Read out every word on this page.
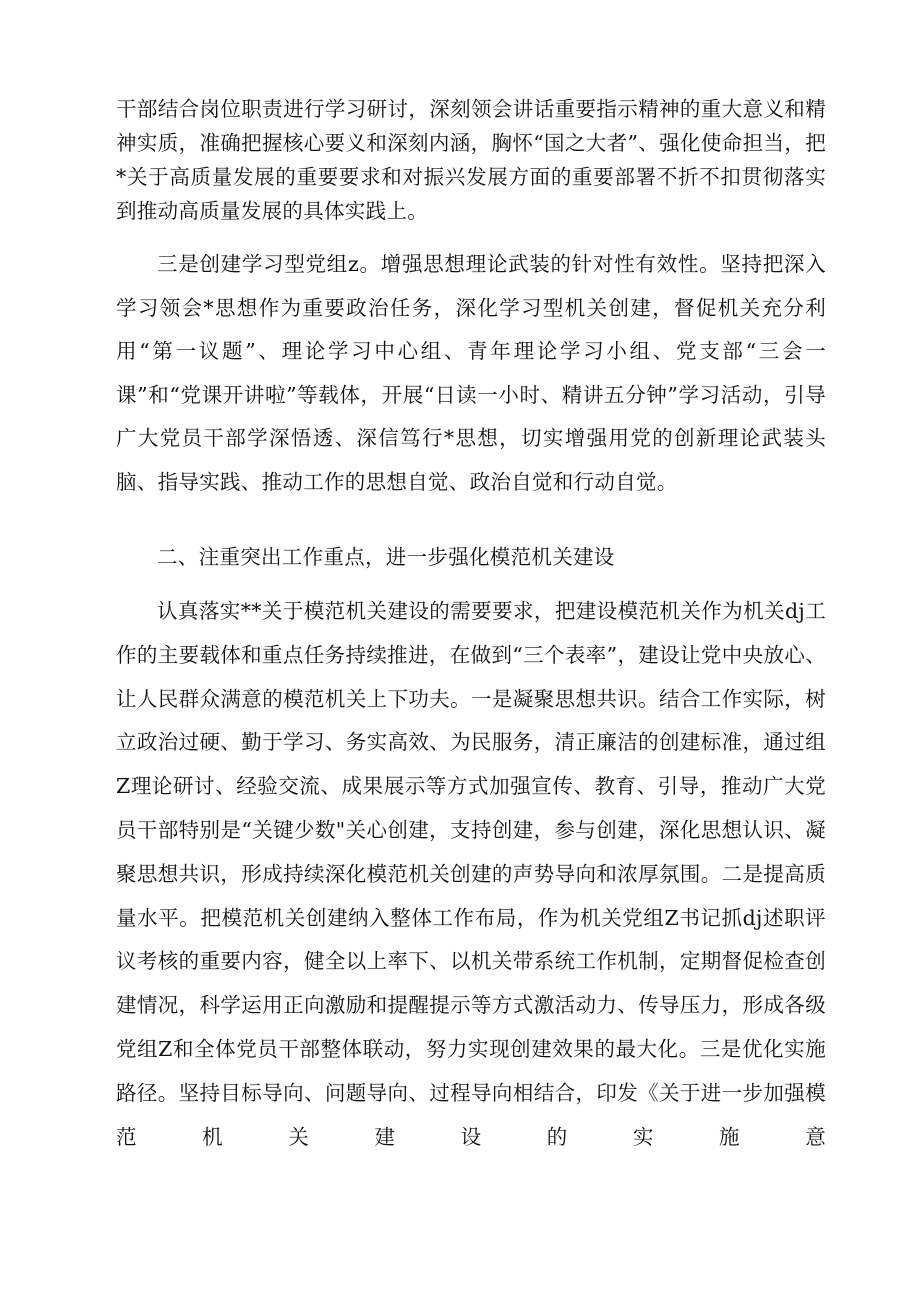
干部结合岗位职责进行学习研讨，深刻领会讲话重要指示精神的重大意义和精神实质，准确把握核心要义和深刻内涵，胸怀“国之大者”、强化使命担当，把*关于高质量发展的重要要求和对振兴发展方面的重要部署不折不扣贯彻落实到推动高质量发展的具体实践上。

三是创建学习型党组z。增强思想理论武装的针对性有效性。坚持把深入学习领会*思想作为重要政治任务，深化学习型机关创建，督促机关充分利用“第一议题”、理论学习中心组、青年理论学习小组、党支部“三会一课”和“党课开讲啦”等载体，开展“日读一小时、精讲五分钟”学习活动，引导广大党员干部学深悟透、深信笃行*思想，切实增强用党的创新理论武装头脑、指导实践、推动工作的思想自觉、政治自觉和行动自觉。

二、注重突出工作重点，进一步强化模范机关建设

认真落实**关于模范机关建设的需要要求，把建设模范机关作为机关dj工作的主要载体和重点任务持续推进，在做到“三个表率”，建设让党中央放心、让人民群众满意的模范机关上下功夫。一是凝聚思想共识。结合工作实际，树立政治过硬、勤于学习、务实高效、为民服务，清正廉洁的创建标准，通过组Z理论研讨、经验交流、成果展示等方式加强宣传、教育、引导，推动广大党员干部特别是“关键少数"关心创建，支持创建，参与创建，深化思想认识、凝聚思想共识，形成持续深化模范机关创建的声势导向和浓厚氛围。二是提高质量水平。把模范机关创建纳入整体工作布局，作为机关党组Z书记抓dj述职评议考核的重要内容，健全以上率下、以机关带系统工作机制，定期督促检查创建情况，科学运用正向激励和提醒提示等方式激活动力、传导压力，形成各级党组Z和全体党员干部整体联动，努力实现创建效果的最大化。三是优化实施路径。坚持目标导向、问题导向、过程导向相结合，印发《关于进一步加强模范机关建设的实施意
